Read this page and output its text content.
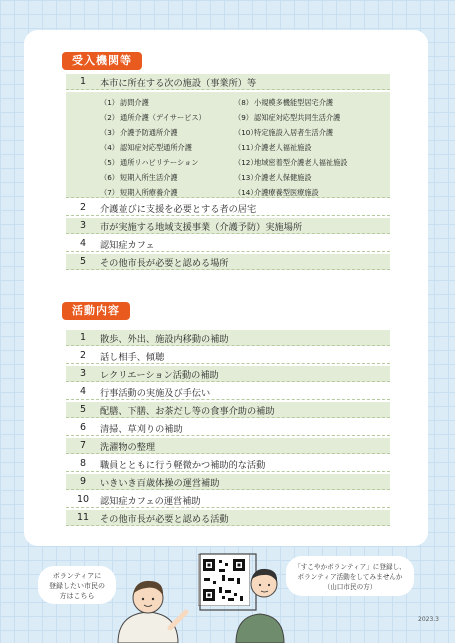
受入機関等
1	本市に所在する次の施設（事業所）等
（1） 訪問介護
（2） 通所介護（デイサービス）
（3） 介護予防通所介護
（4） 認知症対応型通所介護
（5） 通所リハビリテーション
（6） 短期入所生活介護
（7） 短期入所療養介護
（8） 小規模多機能型居宅介護
（9） 認知症対応型共同生活介護
（10）
特定施設入居者生活介護
（11）
介護老人福祉施設
（12）
地域密着型介護老人福祉施設
（13）
介護老人保健施設
（14）
介護療養型医療施設
2	介護並びに支援を必要とする者の居宅
3	市が実施する地域支援事業（介護予防）実施場所
4	認知症カフェ
5	その他市長が必要と認める場所
活動内容
1	散歩、外出、施設内移動の補助
2	話し相手、傾聴
3	レクリエーション活動の補助
4	行事活動の実施及び手伝い
5	配膳、下膳、お茶だし等の食事介助の補助
6	清掃、草刈りの補助
7	洗濯物の整理
8	職員とともに行う軽微かつ補助的な活動
9	いきいき百歳体操の運営補助
10	認知症カフェの運営補助
11	その他市長が必要と認める活動
ボランティアに
登録したい市民の
方はこちら
「すこやかボランティア」に登録し、
ボランティア活動をしてみませんか
（山口市民の方）
2023.3
